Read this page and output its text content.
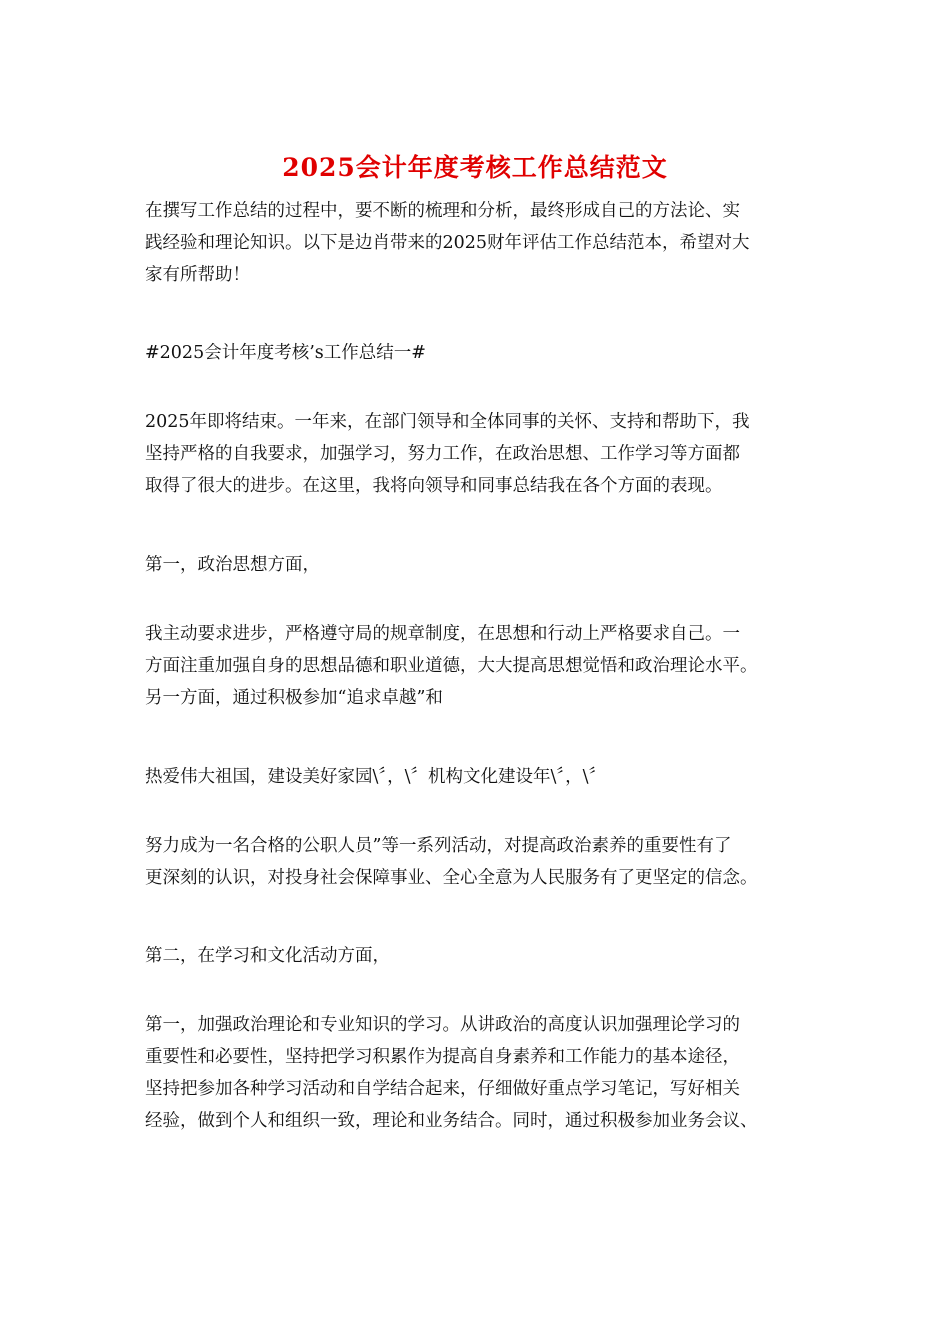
2025会计年度考核工作总结范文
在撰写工作总结的过程中，要不断的梳理和分析，最终形成自己的方法论、实
践经验和理论知识。以下是边肖带来的2025财年评估工作总结范本，希望对大
家有所帮助！
#2025会计年度考核’s工作总结一#
2025年即将结束。一年来，在部门领导和全体同事的关怀、支持和帮助下，我
坚持严格的自我要求，加强学习，努力工作，在政治思想、工作学习等方面都
取得了很大的进步。在这里，我将向领导和同事总结我在各个方面的表现。
第一，政治思想方面，
我主动要求进步，严格遵守局的规章制度，在思想和行动上严格要求自己。一
方面注重加强自身的思想品德和职业道德，大大提高思想觉悟和政治理论水平。
另一方面，通过积极参加“追求卓越”和
热爱伟大祖国，建设美好家园\〞，\〞机构文化建设年\〞，\〞
努力成为一名合格的公职人员”等一系列活动，对提高政治素养的重要性有了
更深刻的认识，对投身社会保障事业、全心全意为人民服务有了更坚定的信念。
第二，在学习和文化活动方面，
第一，加强政治理论和专业知识的学习。从讲政治的高度认识加强理论学习的
重要性和必要性，坚持把学习积累作为提高自身素养和工作能力的基本途径，
坚持把参加各种学习活动和自学结合起来，仔细做好重点学习笔记，写好相关
经验，做到个人和组织一致，理论和业务结合。同时，通过积极参加业务会议、
